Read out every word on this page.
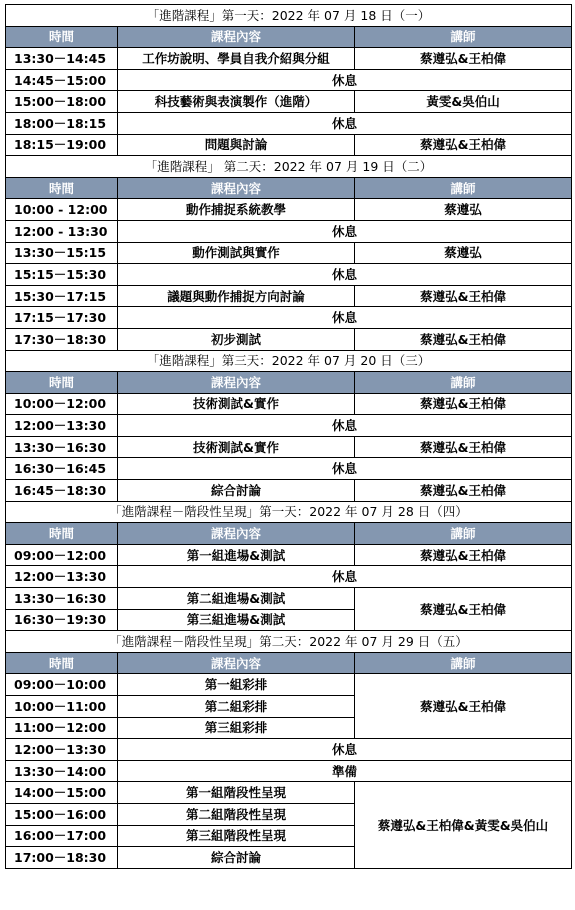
「進階課程」第一天：2022 年 07 月 18 日（一）		
時間	課程內容	講師
13:30－14:45	工作坊說明、學員自我介紹與分組	蔡遵弘&王柏偉
14:45－15:00	休息	
15:00－18:00	科技藝術與表演製作（進階）	黃雯&吳伯山
18:00－18:15	休息	
18:15－19:00	問題與討論	蔡遵弘&王柏偉
「進階課程」 第二天：2022 年 07 月 19 日（二）		
時間	課程內容	講師
10:00 - 12:00	動作捕捉系統教學	蔡遵弘
12:00 - 13:30	休息	
13:30－15:15	動作測試與實作	蔡遵弘
15:15－15:30	休息	
15:30－17:15	議題與動作捕捉方向討論	蔡遵弘&王柏偉
17:15－17:30	休息	
17:30－18:30	初步測試	蔡遵弘&王柏偉
「進階課程」第三天：2022 年 07 月 20 日（三）		
時間	課程內容	講師
10:00－12:00	技術測試&實作	蔡遵弘&王柏偉
12:00－13:30	休息	
13:30－16:30	技術測試&實作	蔡遵弘&王柏偉
16:30－16:45	休息	
16:45－18:30	綜合討論	蔡遵弘&王柏偉
「進階課程－階段性呈現」第一天：2022 年 07 月 28 日（四）		
時間	課程內容	講師
09:00－12:00	第一組進場&測試	蔡遵弘&王柏偉
12:00－13:30	休息	
13:30－16:30	第二組進場&測試	蔡遵弘&王柏偉
16:30－19:30	第三組進場&測試	
「進階課程－階段性呈現」第二天：2022 年 07 月 29 日（五）		
時間	課程內容	講師
09:00－10:00	第一組彩排	蔡遵弘&王柏偉
10:00－11:00	第二組彩排	
11:00－12:00	第三組彩排	
12:00－13:30	休息	
13:30－14:00	準備	
14:00－15:00	第一組階段性呈現	蔡遵弘&王柏偉&黃雯&吳伯山
15:00－16:00	第二組階段性呈現	
16:00－17:00	第三組階段性呈現	
17:00－18:30	綜合討論	
